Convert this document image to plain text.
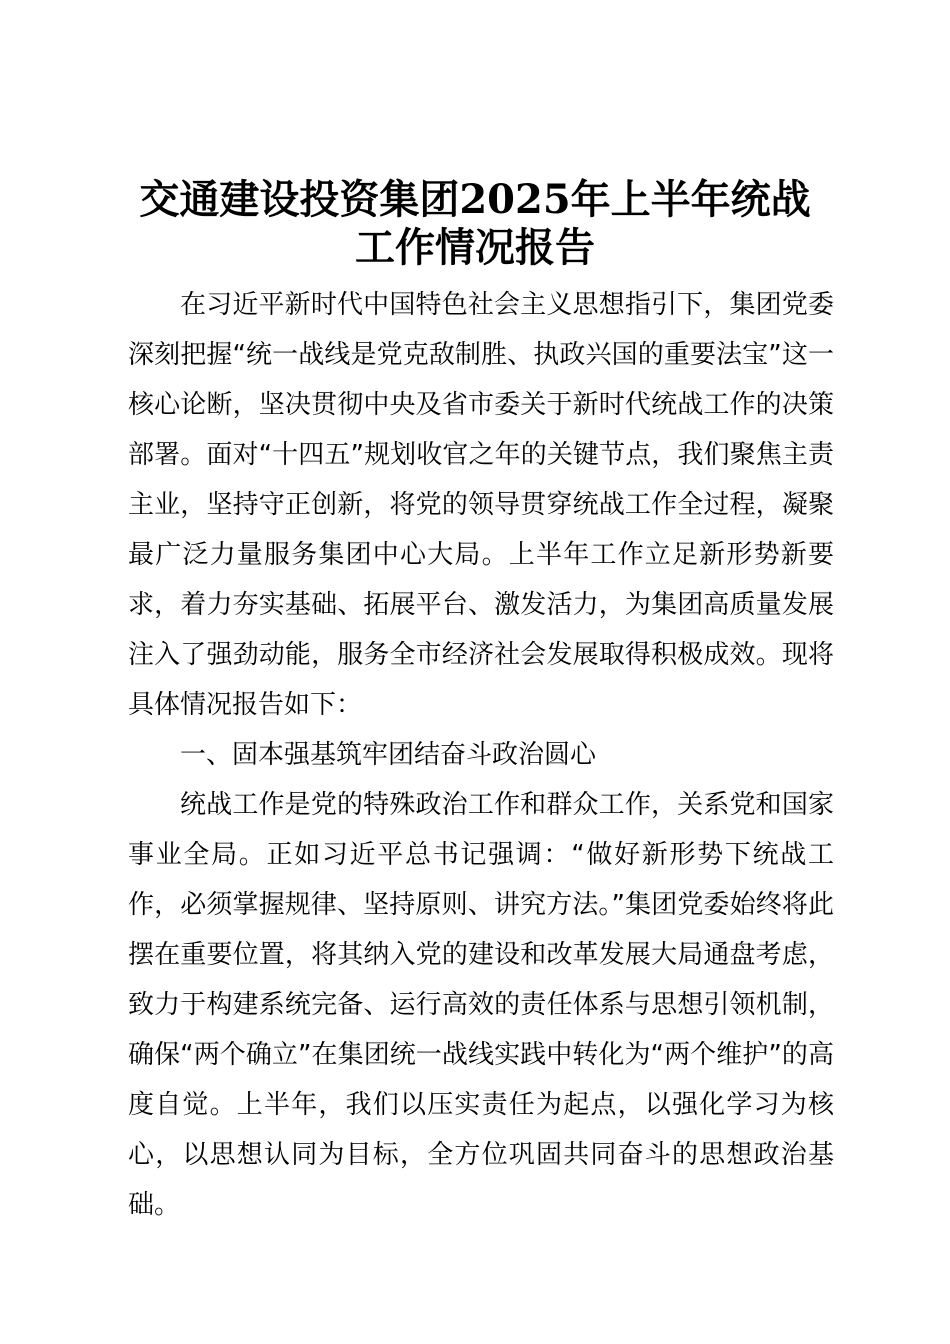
交通建设投资集团2025年上半年统战
工作情况报告

在习近平新时代中国特色社会主义思想指引下，集团党委深刻把握“统一战线是党克敌制胜、执政兴国的重要法宝”这一核心论断，坚决贯彻中央及省市委关于新时代统战工作的决策部署。面对“十四五”规划收官之年的关键节点，我们聚焦主责主业，坚持守正创新，将党的领导贯穿统战工作全过程，凝聚最广泛力量服务集团中心大局。上半年工作立足新形势新要求，着力夯实基础、拓展平台、激发活力，为集团高质量发展注入了强劲动能，服务全市经济社会发展取得积极成效。现将具体情况报告如下：

一、固本强基筑牢团结奋斗政治圆心

统战工作是党的特殊政治工作和群众工作，关系党和国家事业全局。正如习近平总书记强调：“做好新形势下统战工作，必须掌握规律、坚持原则、讲究方法。”集团党委始终将此摆在重要位置，将其纳入党的建设和改革发展大局通盘考虑，致力于构建系统完备、运行高效的责任体系与思想引领机制，确保“两个确立”在集团统一战线实践中转化为“两个维护”的高度自觉。上半年，我们以压实责任为起点，以强化学习为核心，以思想认同为目标，全方位巩固共同奋斗的思想政治基础。
